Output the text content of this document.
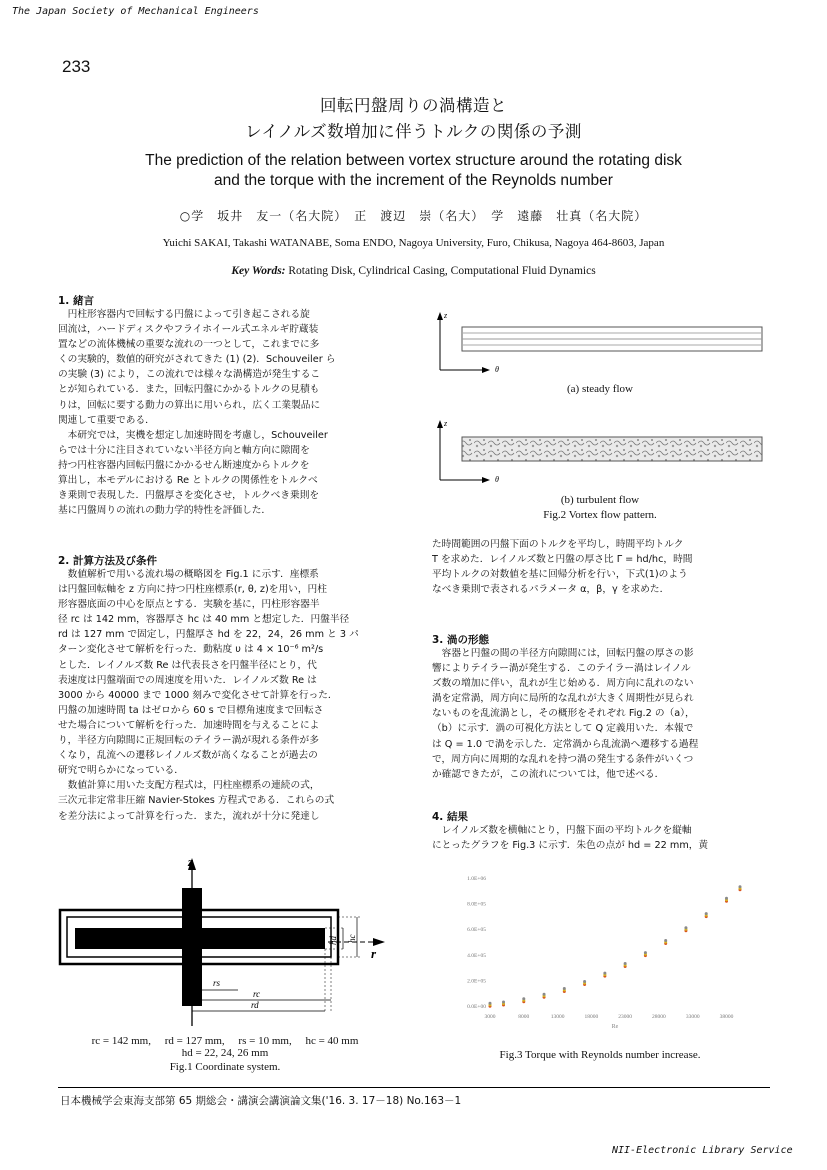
The Japan Society of Mechanical Engineers
233
回転円盤周りの渦構造と
レイノルズ数増加に伴うトルクの関係の予測
The prediction of the relation between vortex structure around the rotating disk
and the torque with the increment of the Reynolds number
○学　坂井　友一（名大院）　正　渡辺　崇（名大）　学　遠藤　壮真（名大院）
Yuichi SAKAI, Takashi WATANABE, Soma ENDO, Nagoya University, Furo, Chikusa, Nagoya 464-8603, Japan
Key Words: Rotating Disk, Cylindrical Casing, Computational Fluid Dynamics
1. 緒言
　円柱形容器内で回転する円盤によって引き起こされる旋
回流は，ハードディスクやフライホイール式エネルギ貯蔵装
置などの流体機械の重要な流れの一つとして，これまでに多
くの実験的，数値的研究がされてきた (1) (2)．Schouveiler ら
の実験 (3) により，この流れでは様々な渦構造が発生するこ
とが知られている．また，回転円盤にかかるトルクの見積も
りは，回転に要する動力の算出に用いられ，広く工業製品に
関連して重要である．
　本研究では，実機を想定し加速時間を考慮し，Schouveiler
らでは十分に注目されていない半径方向と軸方向に隙間を
持つ円柱容器内回転円盤にかかるせん断速度からトルクを
算出し，本モデルにおける Re とトルクの関係性をトルクべ
き乗則で表現した．円盤厚さを変化させ，トルクべき乗則を
基に円盤周りの流れの動力学的特性を評価した．
2. 計算方法及び条件
　数値解析で用いる流れ場の概略図を Fig.1 に示す．座標系
は円盤回転軸を z 方向に持つ円柱座標系(r, θ, z)を用い，円柱
形容器底面の中心を原点とする．実験を基に，円柱形容器半
径 rc は 142 mm，容器厚さ hc は 40 mm と想定した．円盤半径
rd は 127 mm で固定し，円盤厚さ hd を 22，24，26 mm と 3 パ
ターン変化させて解析を行った．動粘度 υ は 4 × 10⁻⁶ m²/s
とした．レイノルズ数 Re は代表長さを円盤半径にとり，代
表速度は円盤端面での周速度を用いた．レイノルズ数 Re は
3000 から 40000 まで 1000 刻みで変化させて計算を行った．
円盤の加速時間 ta はゼロから 60 s で目標角速度まで回転さ
せた場合について解析を行った．加速時間を与えることによ
り，半径方向隙間に正規回転のテイラー渦が現れる条件が多
くなり，乱流への遷移レイノルズ数が高くなることが過去の
研究で明らかになっている．
　数値計算に用いた支配方程式は，円柱座標系の連続の式，
三次元非定常非圧縮 Navier-Stokes 方程式である．これらの式
を差分法によって計算を行った．また，流れが十分に発達し
z
r
hd hc
rs
rc
rd
rc = 142 mm,　 rd = 127 mm,　 rs = 10 mm,　 hc = 40 mm
hd = 22, 24, 26 mm
Fig.1 Coordinate system.
z
θ
(a) steady flow
z
θ
(b) turbulent flow
Fig.2 Vortex flow pattern.
た時間範囲の円盤下面のトルクを平均し，時間平均トルク
T を求めた．レイノルズ数と円盤の厚さ比 Γ = hd/hc，時間
平均トルクの対数値を基に回帰分析を行い，下式(1)のよう
なべき乗則で表されるパラメータ α，β，γ を求めた．
3. 渦の形態
　容器と円盤の間の半径方向隙間には，回転円盤の厚さの影
響によりテイラー渦が発生する．このテイラー渦はレイノル
ズ数の増加に伴い，乱れが生じ始める．周方向に乱れのない
渦を定常渦，周方向に局所的な乱れが大きく周期性が見られ
ないものを乱流渦とし，その概形をそれぞれ Fig.2 の（a），
（b）に示す．渦の可視化方法として Q 定義用いた．本報で
は Q = 1.0 で渦を示した．定常渦から乱流渦へ遷移する過程
で，周方向に周期的な乱れを持つ渦の発生する条件がいくつ
か確認できたが，この流れについては，他で述べる．
4. 結果
　レイノルズ数を横軸にとり，円盤下面の平均トルクを縦軸
にとったグラフを Fig.3 に示す．朱色の点が hd = 22 mm，黄
0.0E+00
2.0E+05
4.0E+05
6.0E+05
8.0E+05
1.0E+06
3000	8000	13000	18000	23000	28000	33000	38000
Re
Fig.3 Torque with Reynolds number increase.
日本機械学会東海支部第 65 期総会・講演会講演論文集('16. 3. 17－18) No.163－1
NII-Electronic Library Service
